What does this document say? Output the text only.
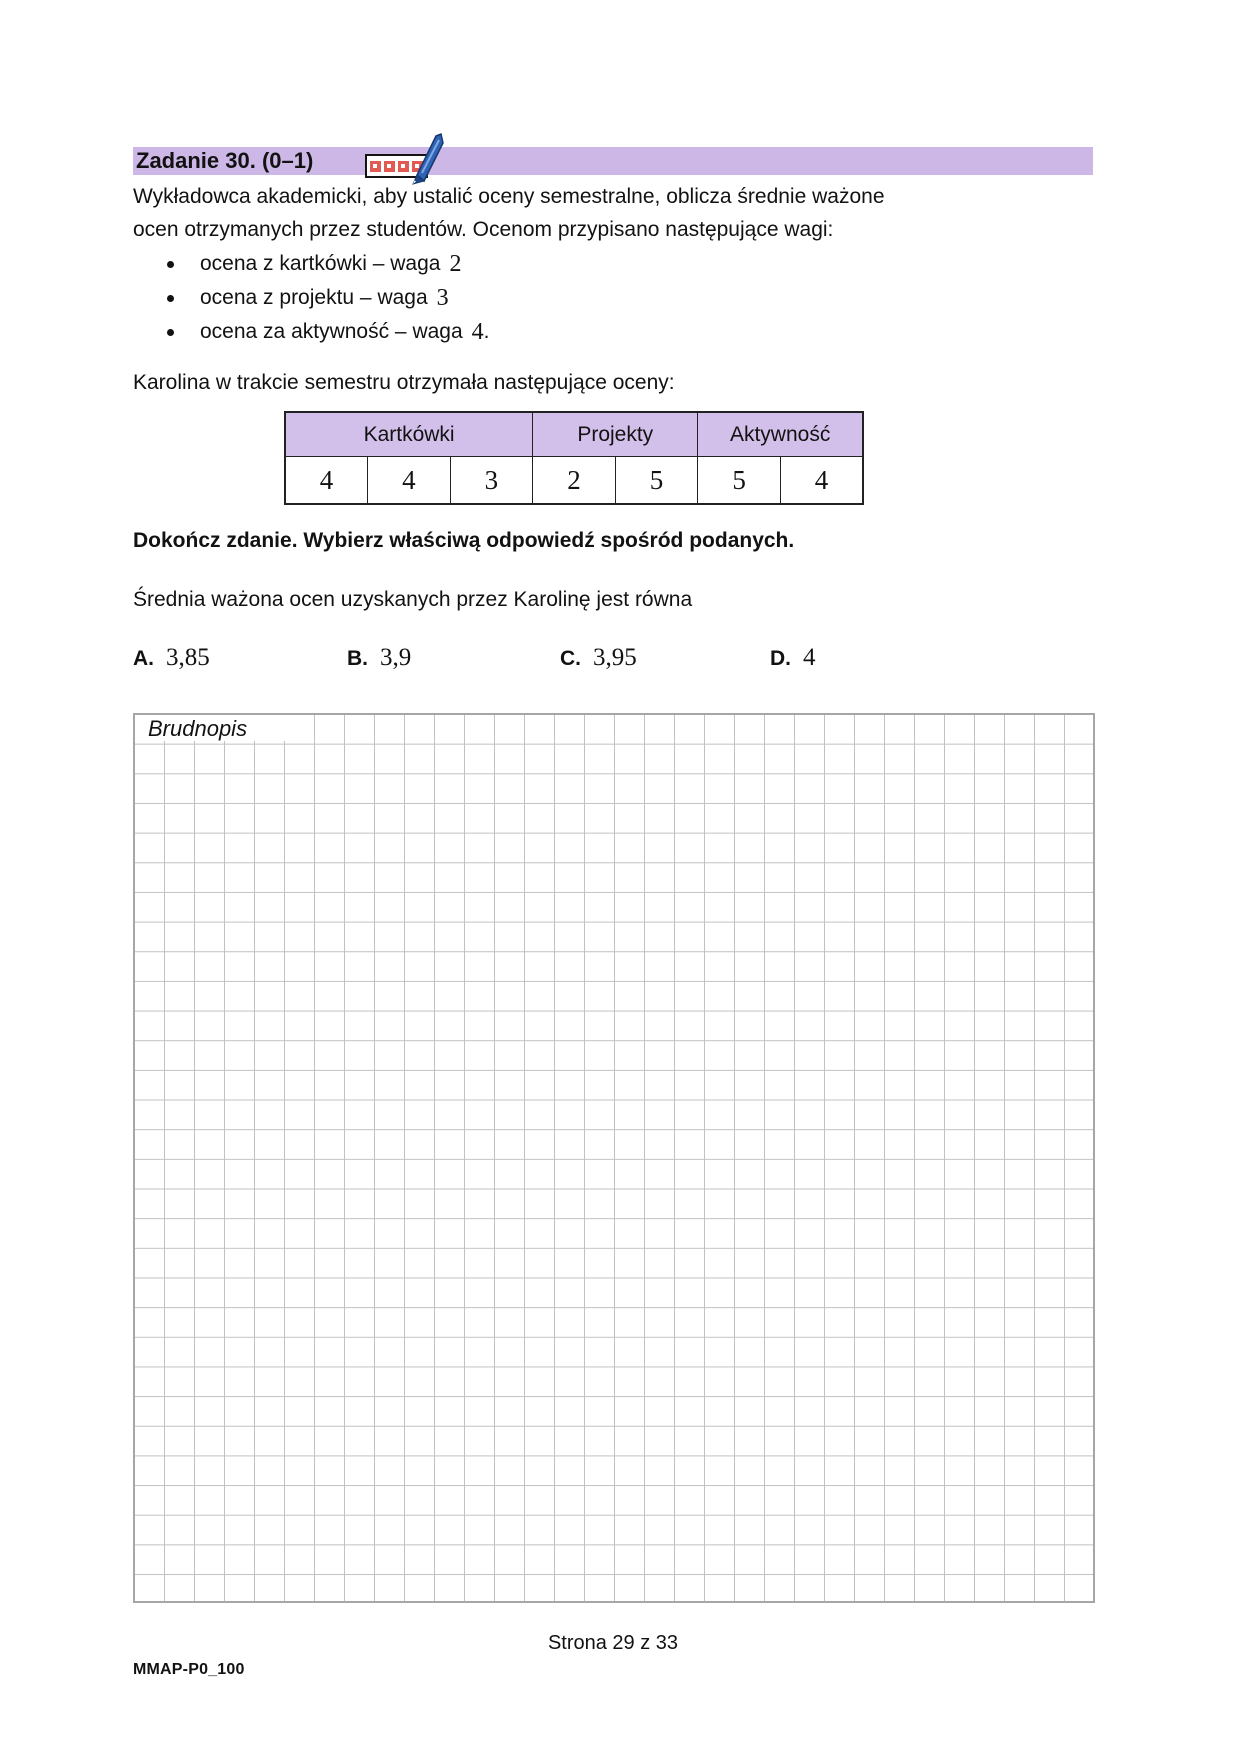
Zadanie 30. (0–1)
Wykładowca akademicki, aby ustalić oceny semestralne, oblicza średnie ważone ocen otrzymanych przez studentów. Ocenom przypisano następujące wagi:
ocena z kartkówki – waga 2
ocena z projektu – waga 3
ocena za aktywność – waga 4 .
Karolina w trakcie semestru otrzymała następujące oceny:
Kartkówki			Projekty		Aktywność	
4	4	3	2	5	5	4
Dokończ zdanie. Wybierz właściwą odpowiedź spośród podanych.
Średnia ważona ocen uzyskanych przez Karolinę jest równa
A. 3,85	B. 3,9	C. 3,95	D. 4
Brudnopis
Strona 29 z 33
MMAP-P0_100
